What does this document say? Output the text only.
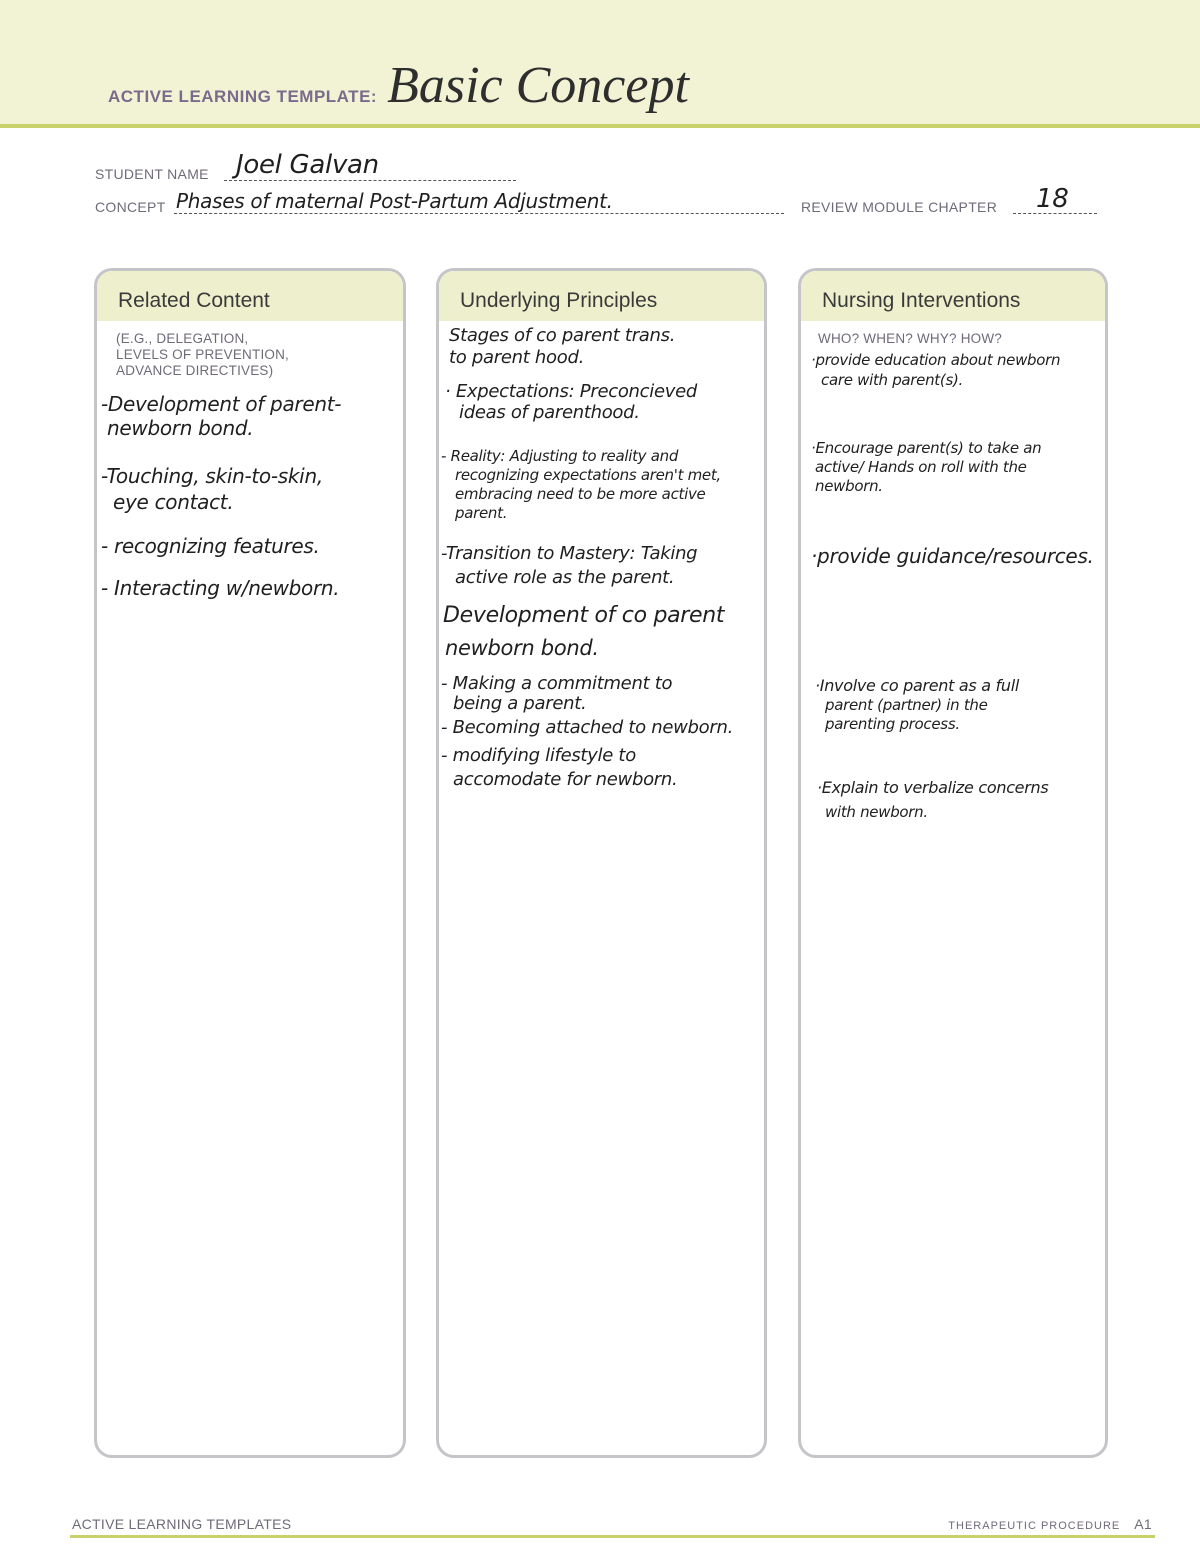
ACTIVE LEARNING TEMPLATE: Basic Concept
STUDENT NAME Joel Galvan
CONCEPT Phases of maternal Post-Partum Adjustment.	REVIEW MODULE CHAPTER 18
Related Content
(E.G., DELEGATION,
LEVELS OF PREVENTION,
ADVANCE DIRECTIVES)
-Development of parent-
newborn bond.
-Touching, skin-to-skin,
eye contact.
- recognizing features.
- Interacting w/newborn.
Underlying Principles
Stages of co parent trans.
to parent hood.
· Expectations: Preconcieved
ideas of parenthood.
- Reality: Adjusting to reality and
recognizing expectations aren't met,
embracing need to be more active
parent.
-Transition to Mastery: Taking
active role as the parent.
Development of co parent
newborn bond.
- Making a commitment to
being a parent.
- Becoming attached to newborn.
- modifying lifestyle to
accomodate for newborn.
Nursing Interventions
WHO? WHEN? WHY? HOW?
·provide education about newborn
care with parent(s).
·Encourage parent(s) to take an
active/ Hands on roll with the
newborn.
·provide guidance/resources.
·Involve co parent as a full
parent (partner) in the
parenting process.
·Explain to verbalize concerns
with newborn.
ACTIVE LEARNING TEMPLATES	THERAPEUTIC PROCEDURE A1
